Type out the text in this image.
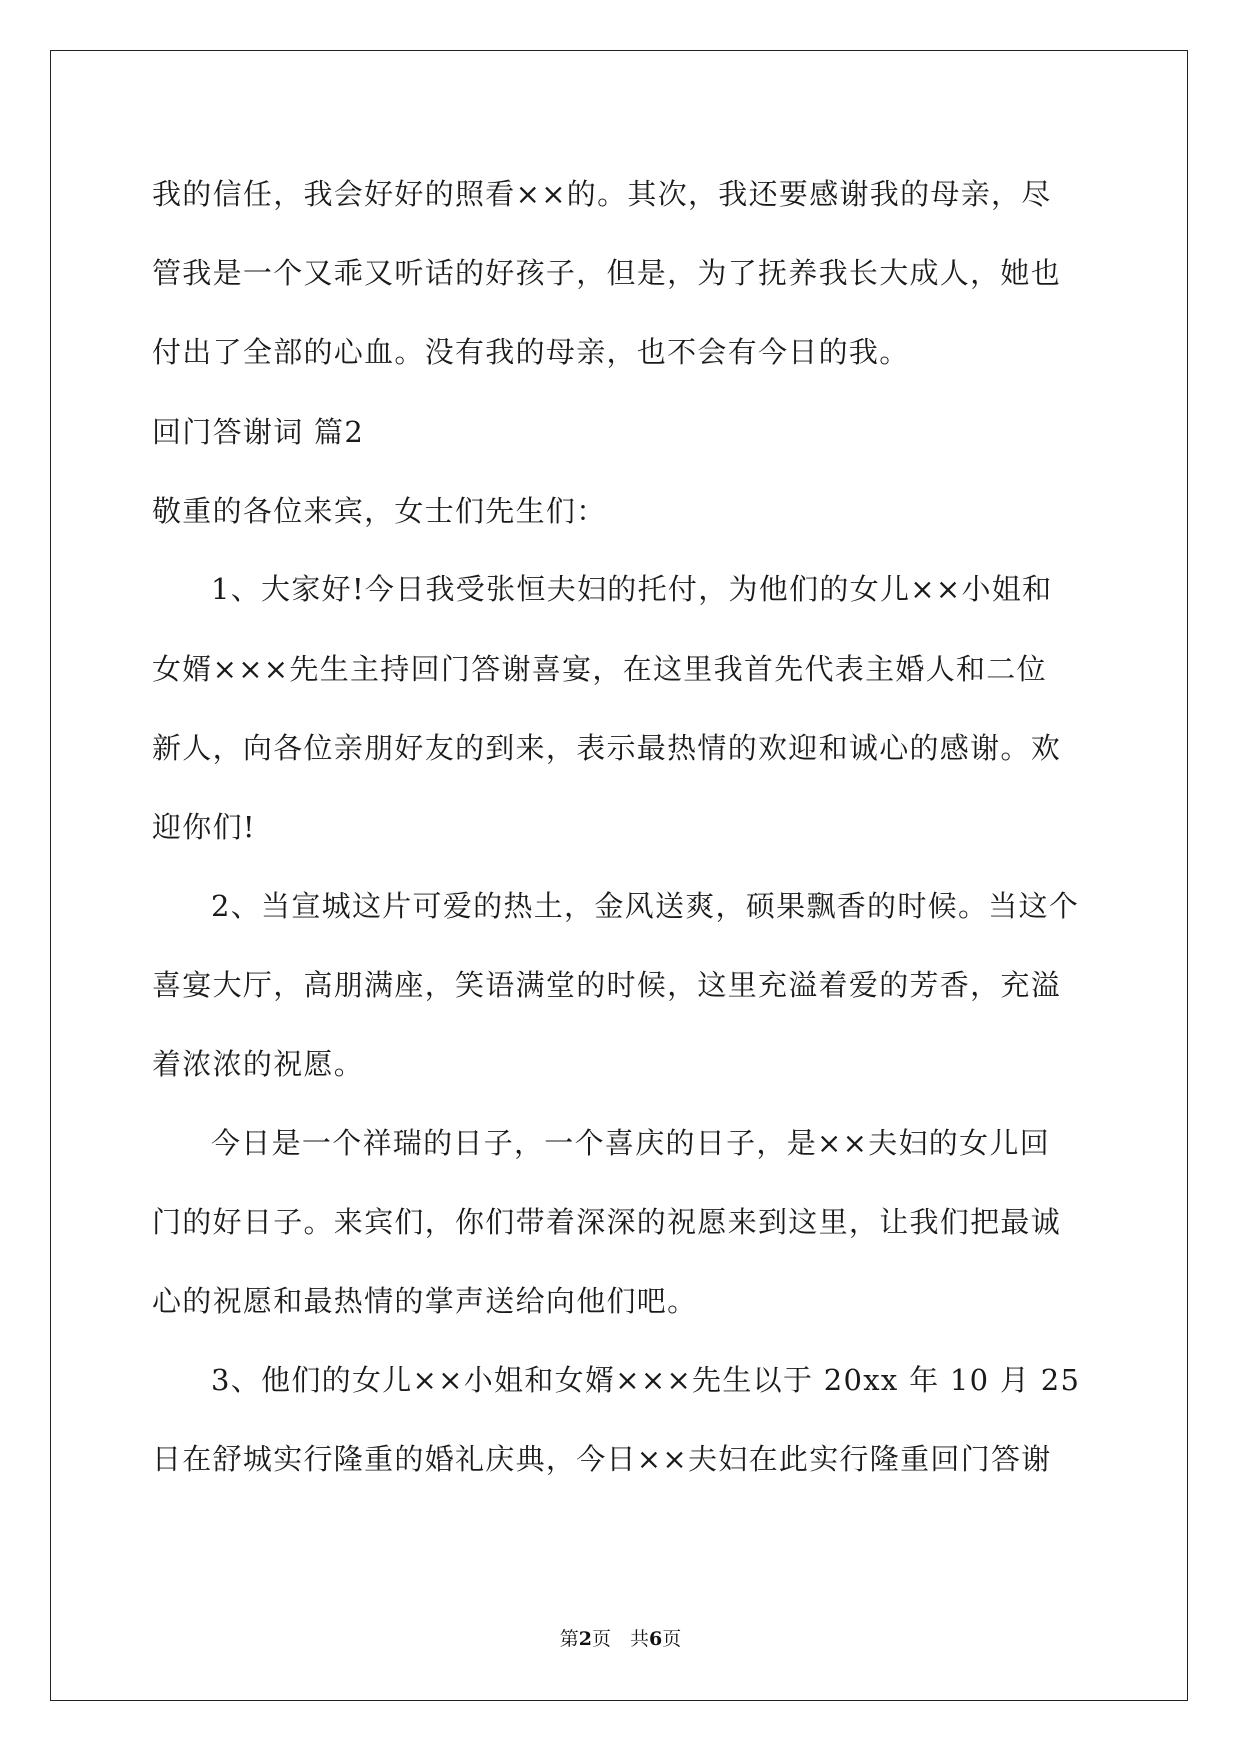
我的信任，我会好好的照看××的。其次，我还要感谢我的母亲，尽
管我是一个又乖又听话的好孩子，但是，为了抚养我长大成人，她也
付出了全部的心血。没有我的母亲，也不会有今日的我。
回门答谢词 篇2
敬重的各位来宾，女士们先生们：
1、大家好!今日我受张恒夫妇的托付，为他们的女儿××小姐和
女婿×××先生主持回门答谢喜宴，在这里我首先代表主婚人和二位
新人，向各位亲朋好友的到来，表示最热情的欢迎和诚心的感谢。欢
迎你们!
2、当宣城这片可爱的热土，金风送爽，硕果飘香的时候。当这个
喜宴大厅，高朋满座，笑语满堂的时候，这里充溢着爱的芳香，充溢
着浓浓的祝愿。
今日是一个祥瑞的日子，一个喜庆的日子，是××夫妇的女儿回
门的好日子。来宾们，你们带着深深的祝愿来到这里，让我们把最诚
心的祝愿和最热情的掌声送给向他们吧。
3、他们的女儿××小姐和女婿×××先生以于 20xx 年 10 月 25
日在舒城实行隆重的婚礼庆典，今日××夫妇在此实行隆重回门答谢
第2页　共6页
